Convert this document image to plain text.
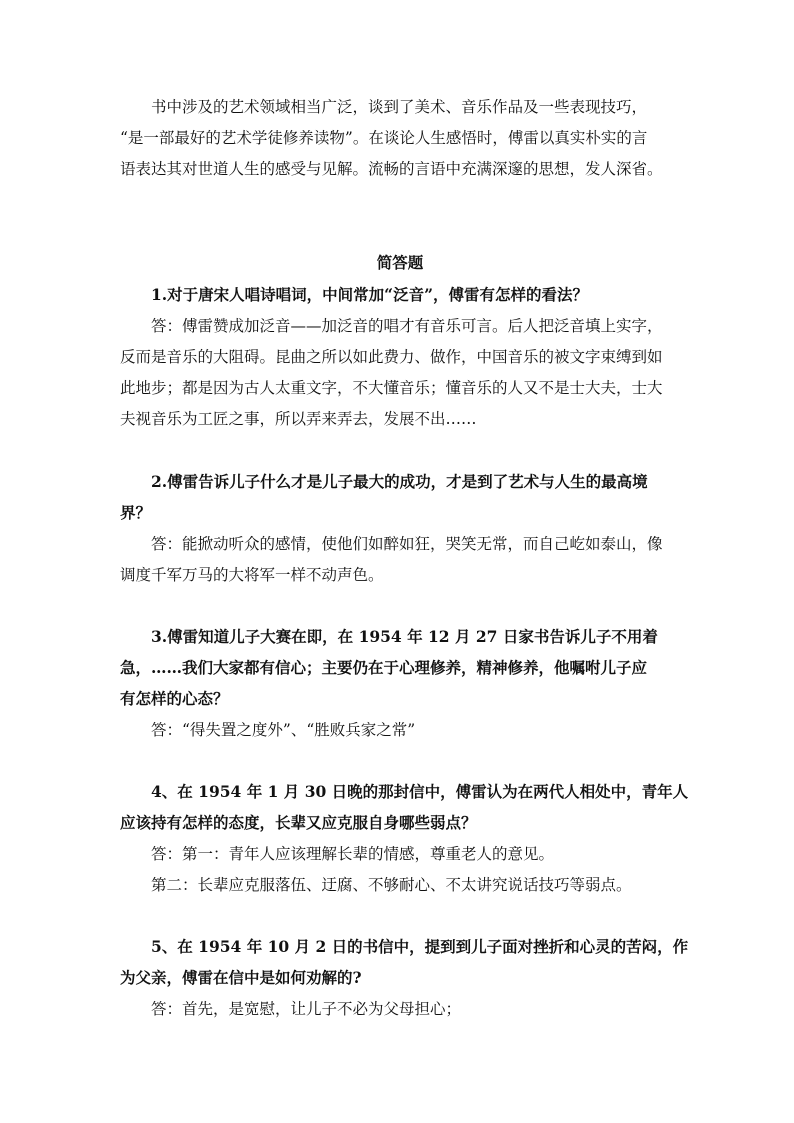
书中涉及的艺术领域相当广泛，谈到了美术、音乐作品及一些表现技巧，
“是一部最好的艺术学徒修养读物”。在谈论人生感悟时，傅雷以真实朴实的言
语表达其对世道人生的感受与见解。流畅的言语中充满深邃的思想，发人深省。
简答题
1.对于唐宋人唱诗唱词，中间常加“泛音”，傅雷有怎样的看法？
答：傅雷赞成加泛音——加泛音的唱才有音乐可言。后人把泛音填上实字，
反而是音乐的大阻碍。昆曲之所以如此费力、做作，中国音乐的被文字束缚到如
此地步；都是因为古人太重文字，不大懂音乐；懂音乐的人又不是士大夫，士大
夫视音乐为工匠之事，所以弄来弄去，发展不出……
2.傅雷告诉儿子什么才是儿子最大的成功，才是到了艺术与人生的最高境
界？
答：能掀动听众的感情，使他们如醉如狂，哭笑无常，而自己屹如泰山，像
调度千军万马的大将军一样不动声色。
3.傅雷知道儿子大赛在即，在 1954 年 12 月 27 日家书告诉儿子不用着
急，……我们大家都有信心；主要仍在于心理修养，精神修养，他嘱咐儿子应
有怎样的心态？
答：“得失置之度外”、“胜败兵家之常”
4、在 1954 年 1 月 30 日晚的那封信中，傅雷认为在两代人相处中，青年人
应该持有怎样的态度，长辈又应克服自身哪些弱点？
答：第一：青年人应该理解长辈的情感，尊重老人的意见。
第二：长辈应克服落伍、迂腐、不够耐心、不太讲究说话技巧等弱点。
5、在 1954 年 10 月 2 日的书信中，提到到儿子面对挫折和心灵的苦闷，作
为父亲，傅雷在信中是如何劝解的?
答：首先，是宽慰，让儿子不必为父母担心；
